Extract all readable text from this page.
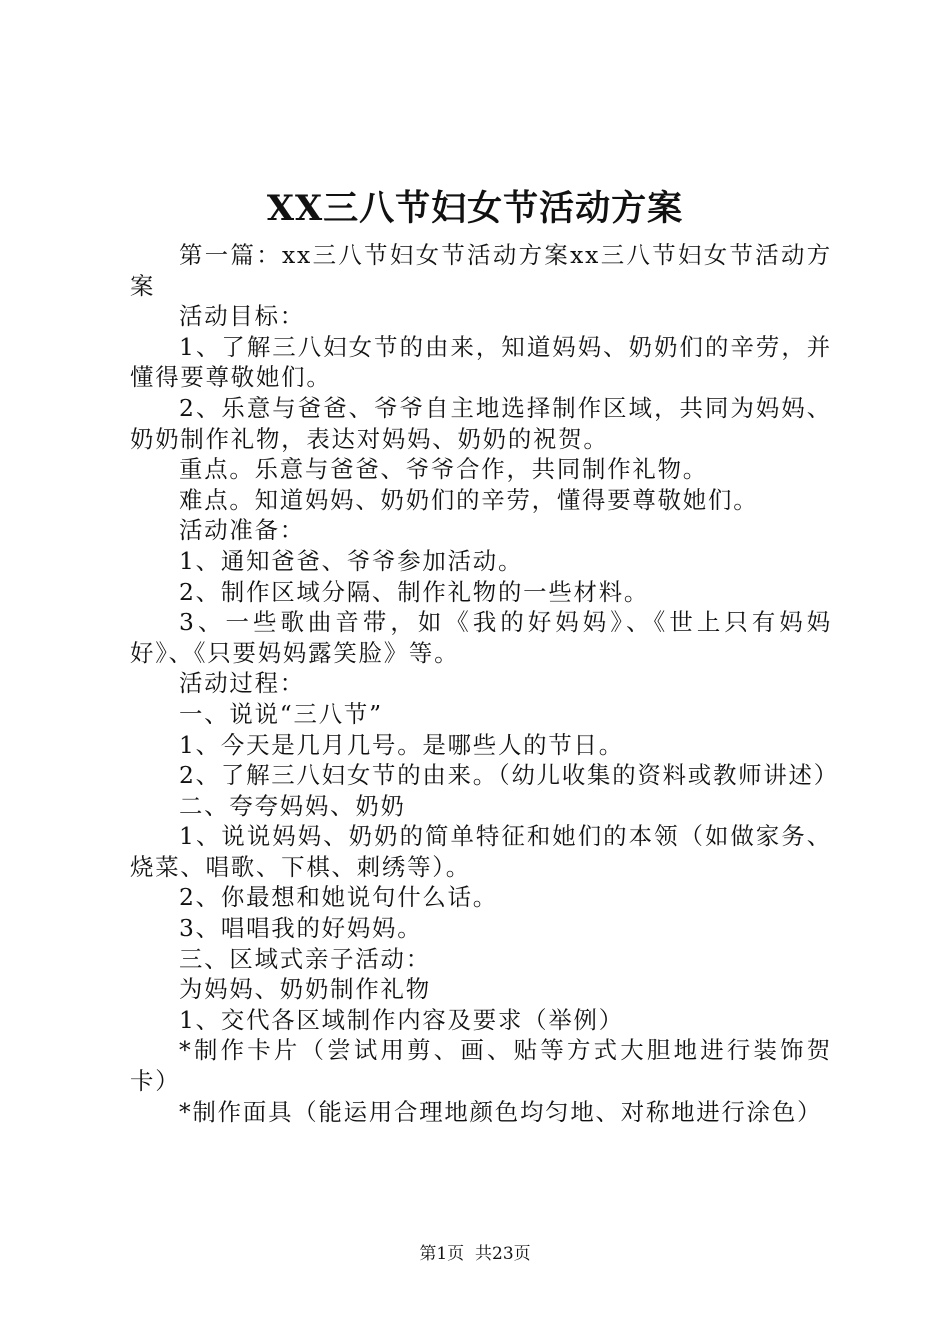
XX三八节妇女节活动方案

第一篇：xx三八节妇女节活动方案xx三八节妇女节活动方案

活动目标：

1、了解三八妇女节的由来，知道妈妈、奶奶们的辛劳，并懂得要尊敬她们。

2、乐意与爸爸、爷爷自主地选择制作区域，共同为妈妈、奶奶制作礼物，表达对妈妈、奶奶的祝贺。

重点。乐意与爸爸、爷爷合作，共同制作礼物。

难点。知道妈妈、奶奶们的辛劳，懂得要尊敬她们。

活动准备：

1、通知爸爸、爷爷参加活动。

2、制作区域分隔、制作礼物的一些材料。

3、一些歌曲音带，如《我的好妈妈》、《世上只有妈妈好》、《只要妈妈露笑脸》等。

活动过程：

一、说说“三八节”

1、今天是几月几号。是哪些人的节日。

2、了解三八妇女节的由来。（幼儿收集的资料或教师讲述）

二、夸夸妈妈、奶奶

1、说说妈妈、奶奶的简单特征和她们的本领（如做家务、烧菜、唱歌、下棋、刺绣等）。

2、你最想和她说句什么话。

3、唱唱我的好妈妈。

三、区域式亲子活动：

为妈妈、奶奶制作礼物

1、交代各区域制作内容及要求（举例）

*制作卡片（尝试用剪、画、贴等方式大胆地进行装饰贺卡）

*制作面具（能运用合理地颜色均匀地、对称地进行涂色）

第1页 共23页
